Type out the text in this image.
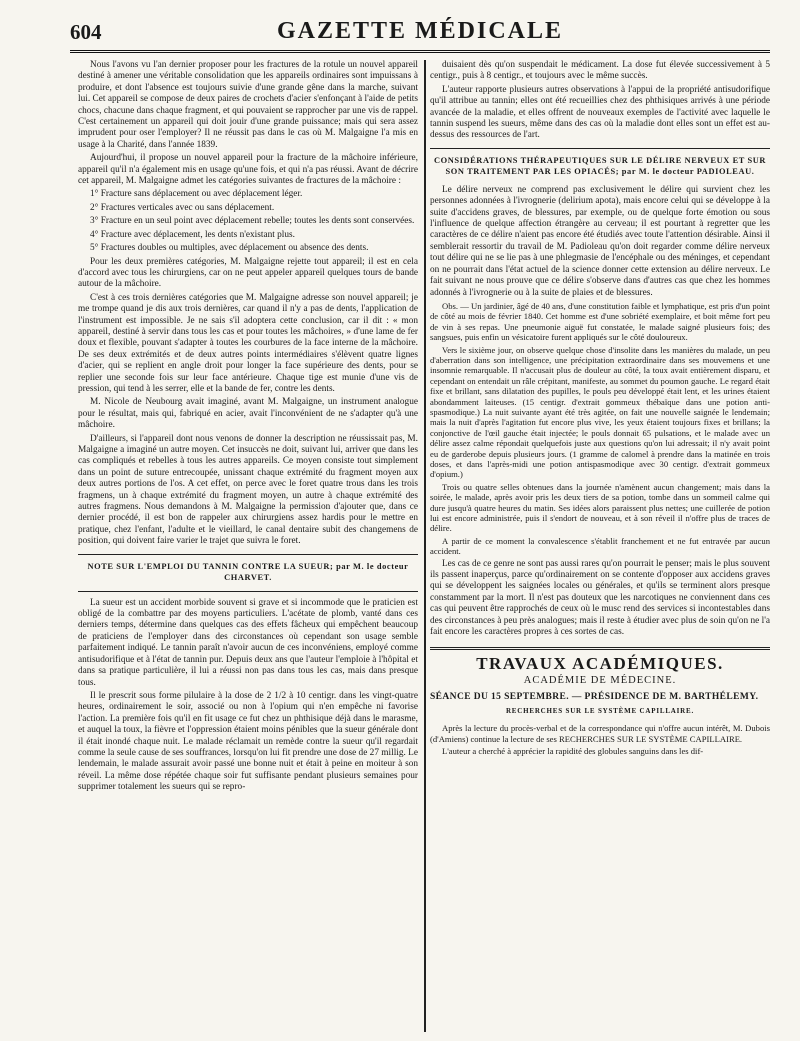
604	GAZETTE MÉDICALE

Nous l'avons vu l'an dernier proposer pour les fractures de la rotule un nouvel appareil destiné à amener une véritable consolidation que les appareils ordinaires sont impuissans à produire, et dont l'absence est toujours suivie d'une grande gêne dans la marche, suivant lui. Cet appareil se compose de deux paires de crochets d'acier s'enfonçant à l'aide de petits chocs, chacune dans chaque fragment, et qui pouvaient se rapprocher par une vis de rappel. C'est certainement un appareil qui doit jouir d'une grande puissance; mais qui sera assez imprudent pour oser l'employer? Il ne réussit pas dans le cas où M. Malgaigne l'a mis en usage à la Charité, dans l'année 1839.

Aujourd'hui, il propose un nouvel appareil pour la fracture de la mâchoire inférieure, appareil qu'il n'a également mis en usage qu'une fois, et qui n'a pas réussi. Avant de décrire cet appareil, M. Malgaigne admet les catégories suivantes de fractures de la mâchoire :

1° Fracture sans déplacement ou avec déplacement léger.

2° Fractures verticales avec ou sans déplacement.

3° Fracture en un seul point avec déplacement rebelle; toutes les dents sont conservées.

4° Fracture avec déplacement, les dents n'existant plus.

5° Fractures doubles ou multiples, avec déplacement ou absence des dents.

Pour les deux premières catégories, M. Malgaigne rejette tout appareil; il est en cela d'accord avec tous les chirurgiens, car on ne peut appeler appareil quelques tours de bande autour de la mâchoire.

C'est à ces trois dernières catégories que M. Malgaigne adresse son nouvel appareil; je me trompe quand je dis aux trois dernières, car quand il n'y a pas de dents, l'application de l'instrument est impossible. Je ne sais s'il adoptera cette conclusion, car il dit : « mon appareil, destiné à servir dans tous les cas et pour toutes les mâchoires, » d'une lame de fer doux et flexible, pouvant s'adapter à toutes les courbures de la face interne de la mâchoire. De ses deux extrémités et de deux autres points intermédiaires s'élèvent quatre lignes d'acier, qui se replient en angle droit pour longer la face supérieure des dents, pour se replier une seconde fois sur leur face antérieure. Chaque tige est munie d'une vis de pression, qui tend à les serrer, elle et la bande de fer, contre les dents.

M. Nicole de Neubourg avait imaginé, avant M. Malgaigne, un instrument analogue pour le résultat, mais qui, fabriqué en acier, avait l'inconvénient de ne s'adapter qu'à une mâchoire.

D'ailleurs, si l'appareil dont nous venons de donner la description ne réussissait pas, M. Malgaigne a imaginé un autre moyen. Cet insuccès ne doit, suivant lui, arriver que dans les cas compliqués et rebelles à tous les autres appareils. Ce moyen consiste tout simplement dans un point de suture entrecoupée, unissant chaque extrémité du fragment moyen aux deux autres portions de l'os. A cet effet, on perce avec le foret quatre trous dans les trois fragmens, un à chaque extrémité du fragment moyen, un autre à chaque extrémité des autres fragmens. Nous demandons à M. Malgaigne la permission d'ajouter que, dans ce dernier procédé, il est bon de rappeler aux chirurgiens assez hardis pour le mettre en pratique, chez l'enfant, l'adulte et le vieillard, le canal dentaire subit des changemens de position, qui doivent faire varier le trajet que suivra le foret.

NOTE SUR L'EMPLOI DU TANNIN CONTRE LA SUEUR; par M. le docteur CHARVET.

La sueur est un accident morbide souvent si grave et si incommode que le praticien est obligé de la combattre par des moyens particuliers. L'acétate de plomb, vanté dans ces derniers temps, détermine dans quelques cas des effets fâcheux qui empêchent beaucoup de praticiens de l'employer dans des circonstances où cependant son usage semble parfaitement indiqué. Le tannin paraît n'avoir aucun de ces inconvéniens, employé comme antisudorifique et à l'état de tannin pur. Depuis deux ans que l'auteur l'emploie à l'hôpital et dans sa pratique particulière, il lui a réussi non pas dans tous les cas, mais dans presque tous.

Il le prescrit sous forme pilulaire à la dose de 2 1/2 à 10 centigr. dans les vingt-quatre heures, ordinairement le soir, associé ou non à l'opium qui n'en empêche ni favorise l'action. La première fois qu'il en fit usage ce fut chez un phthisique déjà dans le marasme, et auquel la toux, la fièvre et l'oppression étaient moins pénibles que la sueur générale dont il était inondé chaque nuit. Le malade réclamait un remède contre la sueur qu'il regardait comme la seule cause de ses souffrances, lorsqu'on lui fit prendre une dose de 27 millig. Le lendemain, le malade assurait avoir passé une bonne nuit et était à peine en moiteur à son réveil. La même dose répétée chaque soir fut suffisante pendant plusieurs semaines pour supprimer totalement les sueurs qui se repro-

duisaient dès qu'on suspendait le médicament. La dose fut élevée successivement à 5 centigr., puis à 8 centigr., et toujours avec le même succès.

L'auteur rapporte plusieurs autres observations à l'appui de la propriété antisudorifique qu'il attribue au tannin; elles ont été recueillies chez des phthisiques arrivés à une période avancée de la maladie, et elles offrent de nouveaux exemples de l'activité avec laquelle le tannin suspend les sueurs, même dans des cas où la maladie dont elles sont un effet est au-dessus des ressources de l'art.

CONSIDÉRATIONS THÉRAPEUTIQUES SUR LE DÉLIRE NERVEUX ET SUR SON TRAITEMENT PAR LES OPIACÉS; par M. le docteur PADIOLEAU.

Le délire nerveux ne comprend pas exclusivement le délire qui survient chez les personnes adonnées à l'ivrognerie (delirium apota), mais encore celui qui se développe à la suite d'accidens graves, de blessures, par exemple, ou de quelque forte émotion ou sous l'influence de quelque affection étrangère au cerveau; il est pourtant à regretter que les caractères de ce délire n'aient pas encore été étudiés avec toute l'attention désirable. Ainsi il semblerait ressortir du travail de M. Padioleau qu'on doit regarder comme délire nerveux tout délire qui ne se lie pas à une phlegmasie de l'encéphale ou des méninges, et cependant on ne pourrait dans l'état actuel de la science donner cette extension au délire nerveux. Le fait suivant ne nous prouve que ce délire s'observe dans d'autres cas que chez les hommes adonnés à l'ivrognerie ou à la suite de plaies et de blessures.

Obs. — Un jardinier, âgé de 40 ans, d'une constitution faible et lymphatique, est pris d'un point de côté au mois de février 1840. Cet homme est d'une sobriété exemplaire, et boit même fort peu de vin à ses repas. Une pneumonie aiguë fut constatée, le malade saigné plusieurs fois; des sangsues, puis enfin un vésicatoire furent appliqués sur le côté douloureux.

Vers le sixième jour, on observe quelque chose d'insolite dans les manières du malade, un peu d'aberration dans son intelligence, une précipitation extraordinaire dans ses mouvemens et une insomnie remarquable. Il n'accusait plus de douleur au côté, la toux avait entièrement disparu, et cependant on entendait un râle crépitant, manifeste, au sommet du poumon gauche. Le regard était fixe et brillant, sans dilatation des pupilles, le pouls peu développé était lent, et les urines étaient abondamment laiteuses. (15 centigr. d'extrait gommeux thébaïque dans une potion anti-spasmodique.) La nuit suivante ayant été très agitée, on fait une nouvelle saignée le lendemain; mais la nuit d'après l'agitation fut encore plus vive, les yeux étaient toujours fixes et brillans; la conjonctive de l'œil gauche était injectée; le pouls donnait 65 pulsations, et le malade avec un délire assez calme répondait quelquefois juste aux questions qu'on lui adressait; il n'y avait point eu de garderobe depuis plusieurs jours. (1 gramme de calomel à prendre dans la matinée en trois doses, et dans l'après-midi une potion antispasmodique avec 30 centigr. d'extrait gommeux d'opium.)

Trois ou quatre selles obtenues dans la journée n'amènent aucun changement; mais dans la soirée, le malade, après avoir pris les deux tiers de sa potion, tombe dans un sommeil calme qui dure jusqu'à quatre heures du matin. Ses idées alors paraissent plus nettes; une cuillerée de potion lui est encore administrée, puis il s'endort de nouveau, et à son réveil il n'offre plus de traces de délire.

A partir de ce moment la convalescence s'établit franchement et ne fut entravée par aucun accident.

Les cas de ce genre ne sont pas aussi rares qu'on pourrait le penser; mais le plus souvent ils passent inaperçus, parce qu'ordinairement on se contente d'opposer aux accidens graves qui se développent les saignées locales ou générales, et qu'ils se terminent alors presque constamment par la mort. Il n'est pas douteux que les narcotiques ne conviennent dans ces cas qui peuvent être rapprochés de ceux où le musc rend des services si incontestables dans des circonstances à peu près analogues; mais il reste à étudier avec plus de soin qu'on ne l'a fait encore les caractères propres à ces sortes de cas.

TRAVAUX ACADÉMIQUES.
ACADÉMIE DE MÉDECINE.
SÉANCE DU 15 SEPTEMBRE. — PRÉSIDENCE DE M. BARTHÉLEMY.
RECHERCHES SUR LE SYSTÈME CAPILLAIRE.

Après la lecture du procès-verbal et de la correspondance qui n'offre aucun intérêt, M. Dubois (d'Amiens) continue la lecture de ses RECHERCHES SUR LE SYSTÈME CAPILLAIRE.

L'auteur a cherché à apprécier la rapidité des globules sanguins dans les dif-
